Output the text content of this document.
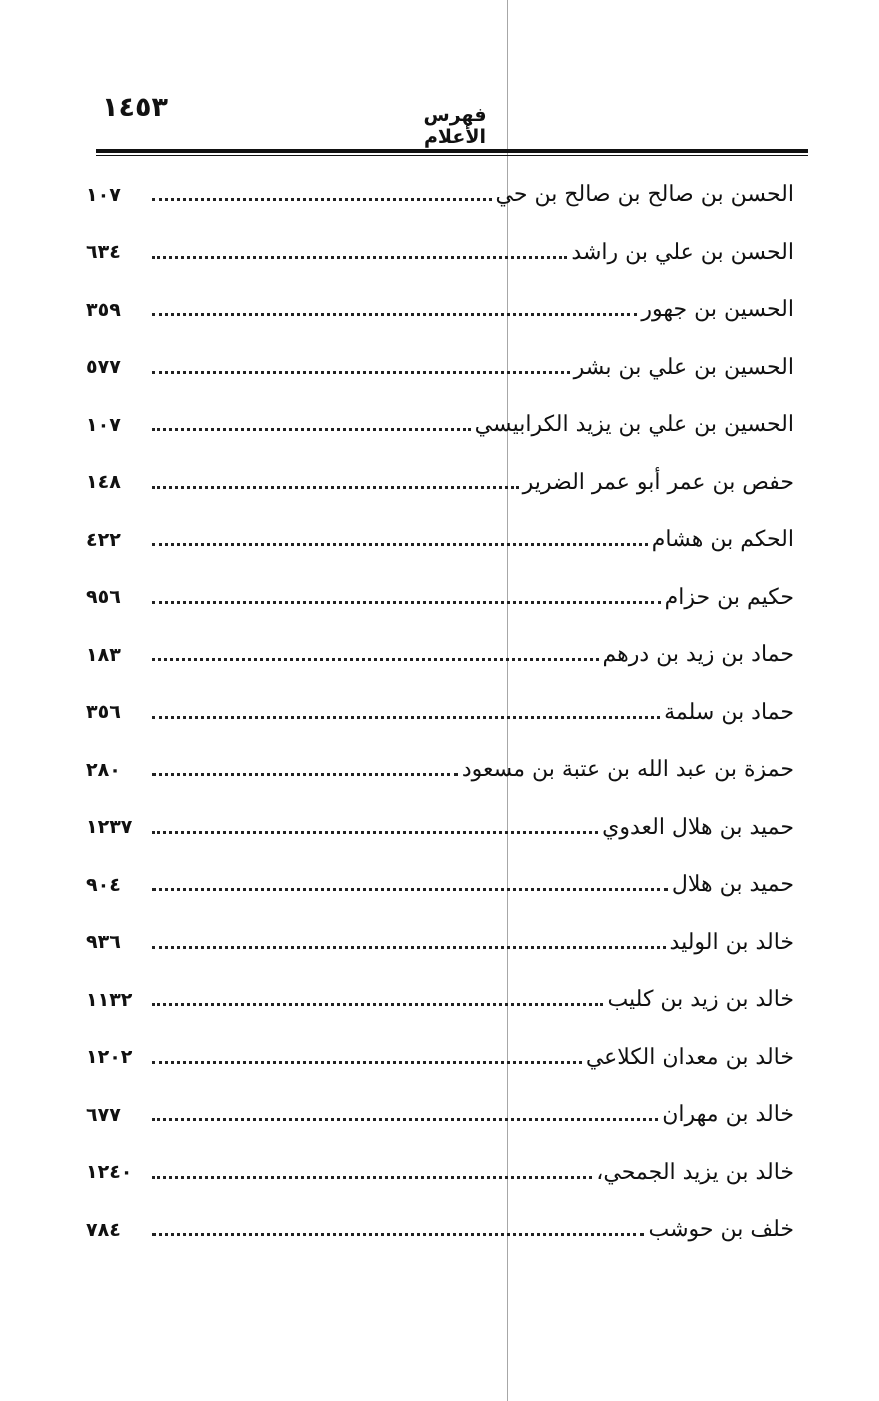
١٤٥٣	فهرس الأعلام
الحسن بن صالح بن صالح بن حي
١٠٧
الحسن بن علي بن راشد
٦٣٤
الحسين بن جهور
٣٥٩
الحسين بن علي بن بشر
٥٧٧
الحسين بن علي بن يزيد الكرابيسي
١٠٧
حفص بن عمر أبو عمر الضرير
١٤٨
الحكم بن هشام
٤٢٢
حكيم بن حزام
٩٥٦
حماد بن زيد بن درهم
١٨٣
حماد بن سلمة
٣٥٦
حمزة بن عبد الله بن عتبة بن مسعود
٢٨٠
حميد بن هلال العدوي
١٢٣٧
حميد بن هلال
٩٠٤
خالد بن الوليد
٩٣٦
خالد بن زيد بن كليب
١١٣٢
خالد بن معدان الكلاعي
١٢٠٢
خالد بن مهران
٦٧٧
خالد بن يزيد الجمحي،
١٢٤٠
خلف بن حوشب
٧٨٤
